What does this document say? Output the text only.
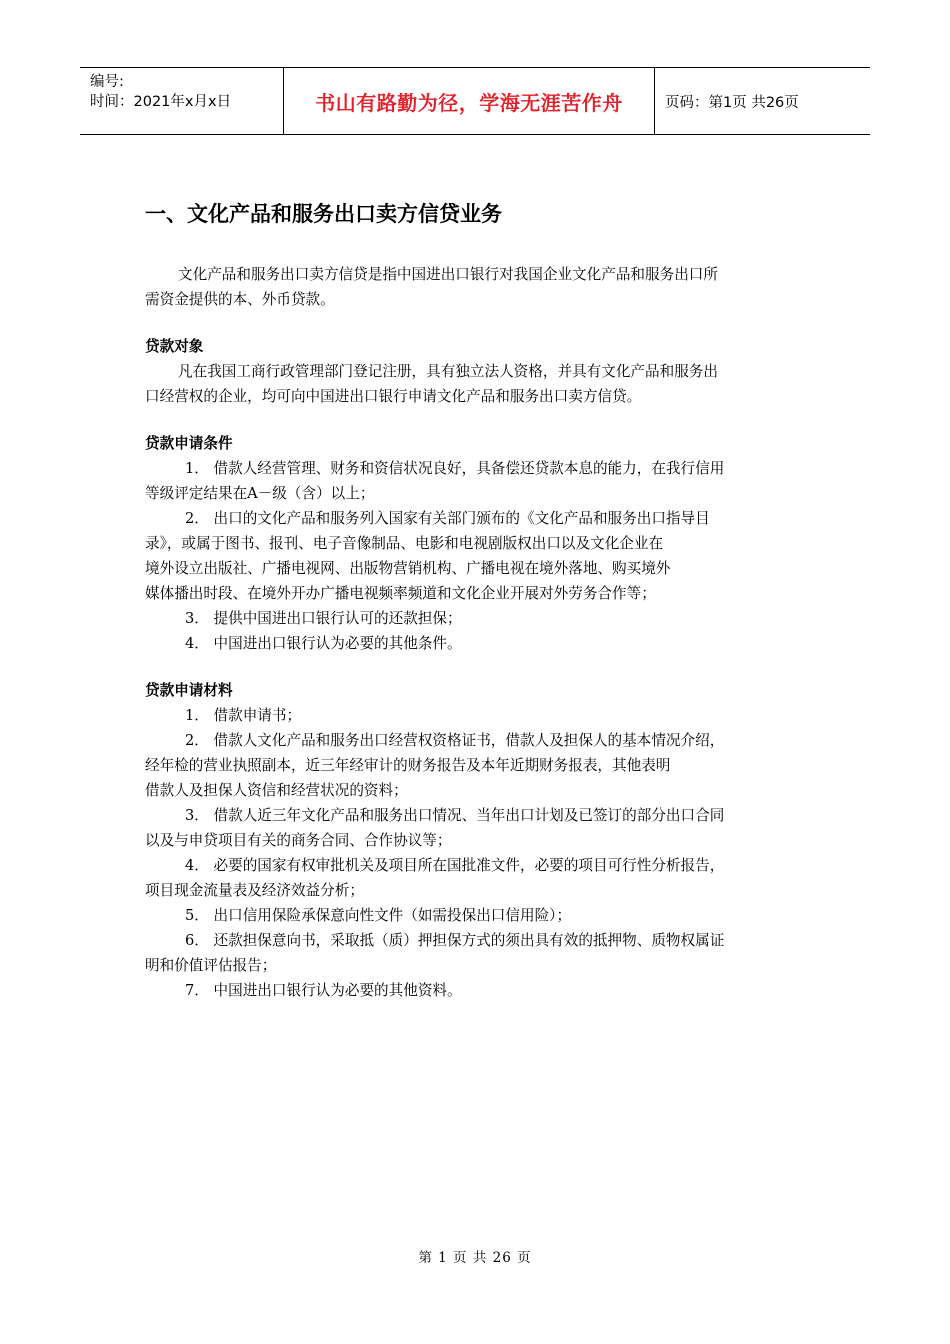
编号:
时间：2021年x月x日	书山有路勤为径，学海无涯苦作舟	页码：第1页 共26页
一、文化产品和服务出口卖方信贷业务

文化产品和服务出口卖方信贷是指中国进出口银行对我国企业文化产品和服务出口所

需资金提供的本、外币贷款。

贷款对象

凡在我国工商行政管理部门登记注册，具有独立法人资格，并具有文化产品和服务出

口经营权的企业，均可向中国进出口银行申请文化产品和服务出口卖方信贷。

贷款申请条件

1． 借款人经营管理、财务和资信状况良好，具备偿还贷款本息的能力，在我行信用

等级评定结果在A－级（含）以上；

2． 出口的文化产品和服务列入国家有关部门颁布的《文化产品和服务出口指导目

录》，或属于图书、报刊、电子音像制品、电影和电视剧版权出口以及文化企业在

境外设立出版社、广播电视网、出版物营销机构、广播电视在境外落地、购买境外

媒体播出时段、在境外开办广播电视频率频道和文化企业开展对外劳务合作等；

3． 提供中国进出口银行认可的还款担保；

4． 中国进出口银行认为必要的其他条件。

贷款申请材料

1． 借款申请书；

2． 借款人文化产品和服务出口经营权资格证书，借款人及担保人的基本情况介绍，

经年检的营业执照副本，近三年经审计的财务报告及本年近期财务报表，其他表明

借款人及担保人资信和经营状况的资料；

3． 借款人近三年文化产品和服务出口情况、当年出口计划及已签订的部分出口合同

以及与申贷项目有关的商务合同、合作协议等；

4． 必要的国家有权审批机关及项目所在国批准文件，必要的项目可行性分析报告，

项目现金流量表及经济效益分析；

5． 出口信用保险承保意向性文件（如需投保出口信用险）；

6． 还款担保意向书，采取抵（质）押担保方式的须出具有效的抵押物、质物权属证

明和价值评估报告；

7． 中国进出口银行认为必要的其他资料。

第 1 页 共 26 页
